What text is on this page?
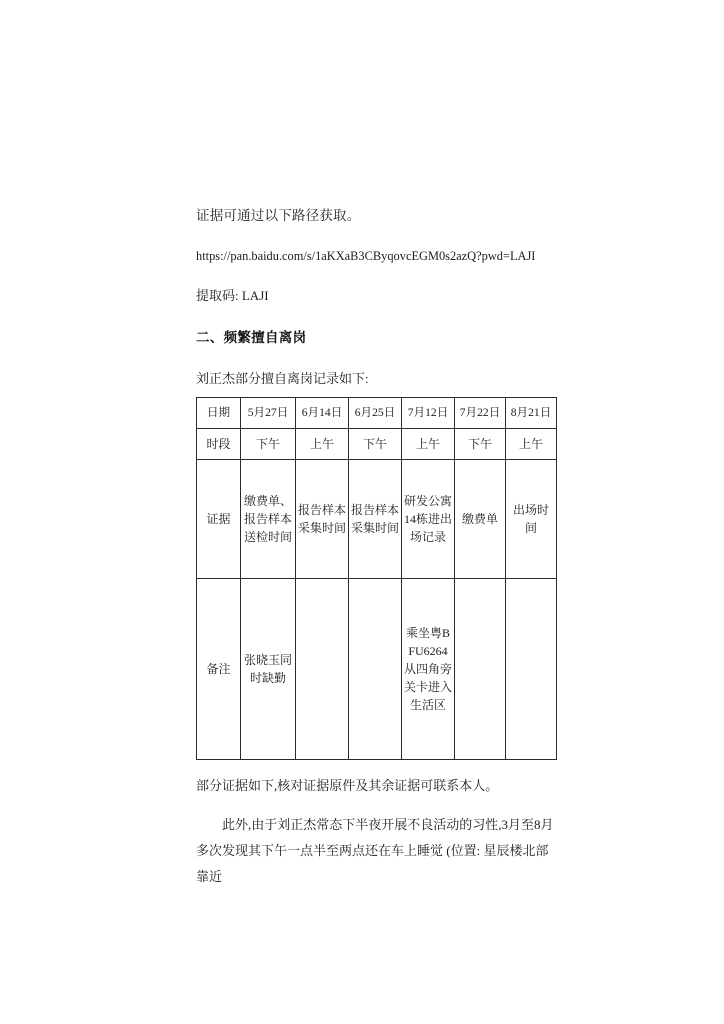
证据可通过以下路径获取。

https://pan.baidu.com/s/1aKXaB3CByqovcEGM0s2azQ?pwd=LAJI

提取码: LAJI

二、频繁擅自离岗

刘正杰部分擅自离岗记录如下:

日期	5月27日	6月14日	6月25日	7月12日	7月22日	8月21日
时段	下午	上午	下午	上午	下午	上午
证据	缴费单、报告样本送检时间	报告样本采集时间	报告样本采集时间	研发公寓14栋进出场记录	缴费单	出场时间
备注	张晓玉同时缺勤			乘坐粤BFU6264从四角旁关卡进入生活区		

部分证据如下,核对证据原件及其余证据可联系本人。

此外,由于刘正杰常态下半夜开展不良活动的习性,3月至8月
多次发现其下午一点半至两点还在车上睡觉 (位置: 星辰楼北部靠近
